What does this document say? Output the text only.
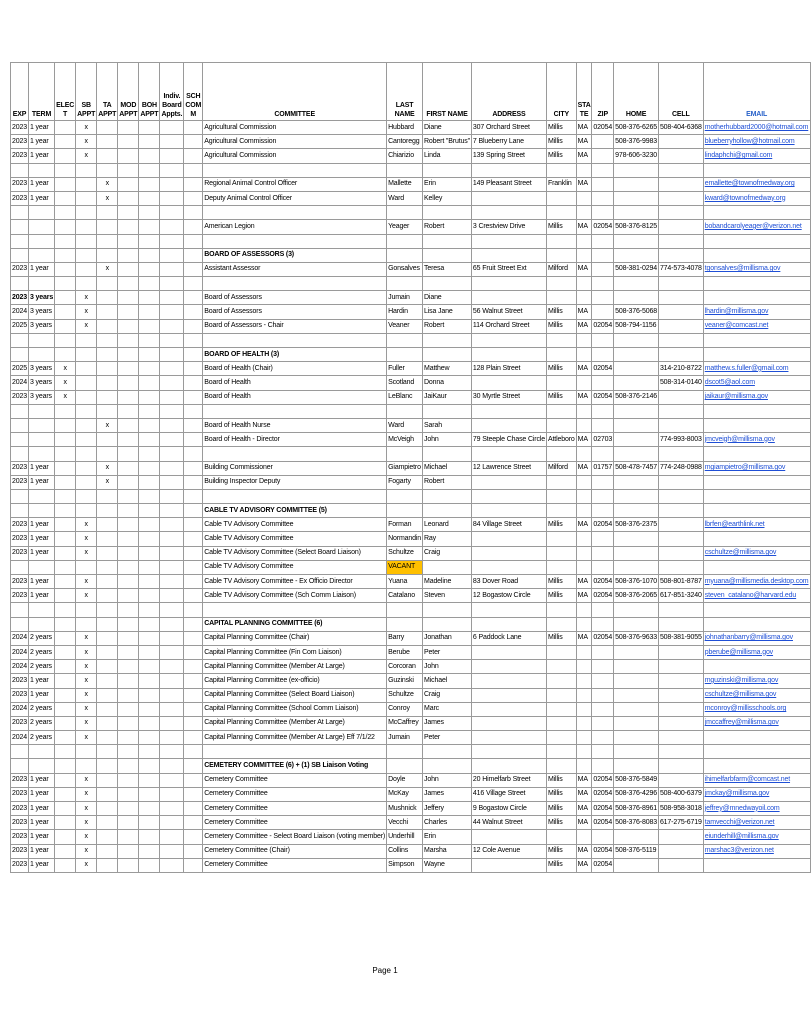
EXP	TERM	ELEC T	SB APPT	TA APPT	MOD APPT	BOH APPT	Indiv. Board Appts.	SCH COM M	COMMITTEE	LAST NAME	FIRST NAME	ADDRESS	CITY	STA TE	ZIP	HOME	CELL	EMAIL
2023	1 year		x						Agricultural Commission	Hubbard	Diane	307 Orchard Street	Millis	MA	02054	508-376-6265	508-404-6368	motherhubbard2000@hotmail.com
2023	1 year		x						Agricultural Commission	Cantoregg	Robert "Brutus"	7 Blueberry Lane	Millis	MA		508-376-9983		blueberryhollow@hotmail.com
2023	1 year		x						Agricultural Commission	Chiarizio	Linda	139 Spring Street	Millis	MA		978-606-3230		lindaphchi@gmail.com

2023	1 year			x					Regional Animal Control Officer	Mallette	Erin	149 Pleasant Street	Franklin	MA				emallette@townofmedway.org
2023	1 year			x					Deputy Animal Control Officer	Ward	Kelley							kward@townofmedway.org

									American Legion	Yeager	Robert	3 Crestview Drive	Millis	MA	02054	508-376-8125		bobandcarolyeager@verizon.net

									BOARD OF ASSESSORS (3)									
2023	1 year			x					Assistant Assessor	Gonsalves	Teresa	65 Fruit Street Ext	Milford	MA		508-381-0294	774-573-4078	tgonsalves@millisma.gov

2023	3 years		x						Board of Assessors	Jumain	Diane							
2024	3 years		x						Board of Assessors	Hardin	Lisa Jane	56 Walnut Street	Millis	MA		508-376-5068		lhardin@millisma.gov
2025	3 years		x						Board of Assessors - Chair	Veaner	Robert	114 Orchard Street	Millis	MA	02054	508-794-1156		veaner@comcast.net

									BOARD OF HEALTH (3)									
2025	3 years	x							Board of Health (Chair)	Fuller	Matthew	128 Plain Street	Millis	MA	02054		314-210-8722	matthew.s.fuller@gmail.com
2024	3 years	x							Board of Health	Scotland	Donna						508-314-0140	dscot5@aol.com
2023	3 years	x							Board of Health	LeBlanc	JaiKaur	30 Myrtle Street	Millis	MA	02054	508-376-2146		jaikaur@millisma.gov

				x					Board of Health Nurse	Ward	Sarah							
									Board of Health - Director	McVeigh	John	79 Steeple Chase Circle	Attleboro	MA	02703		774-993-8003	jmcveigh@millisma.gov

2023	1 year			x					Building Commissioner	Giampietro	Michael	12 Lawrence Street	Milford	MA	01757	508-478-7457	774-248-0988	mgiampietro@millisma.gov
2023	1 year			x					Building Inspector Deputy	Fogarty	Robert							

									CABLE TV ADVISORY COMMITTEE (5)									
2023	1 year		x						Cable TV Advisory Committee	Forman	Leonard	84 Village Street	Millis	MA	02054	508-376-2375		lbrfen@earthlink.net
2023	1 year		x						Cable TV Advisory Committee	Normandin	Ray							
2023	1 year		x						Cable TV Advisory Committee (Select Board Liaison)	Schultze	Craig							cschultze@millisma.gov
									Cable TV Advisory Committee	VACANT								
2023	1 year		x						Cable TV Advisory Committee - Ex Officio Director	Yuana	Madeline	83 Dover Road	Millis	MA	02054	508-376-1070	508-801-8787	myuana@millismedia.desktop.com
2023	1 year		x						Cable TV Advisory Committee (Sch Comm Liaison)	Catalano	Steven	12 Bogastow Circle	Millis	MA	02054	508-376-2065	617-851-3240	steven_catalano@harvard.edu

									CAPITAL PLANNING COMMITTEE (6)									
2024	2 years		x						Capital Planning Committee (Chair)	Barry	Jonathan	6 Paddock Lane	Millis	MA	02054	508-376-9633	508-381-9055	johnathanbarry@millisma.gov
2024	2 years		x						Capital Planning Committee (Fin Com Liaison)	Berube	Peter							pberube@millisma.gov
2024	2 years		x						Capital Planning Committee (Member At Large)	Corcoran	John							
2023	1 year		x						Capital Planning Committee (ex-officio)	Guzinski	Michael							mguzinski@millisma.gov
2023	1 year		x						Capital Planning Committee (Select Board Liaison)	Schultze	Craig							cschultze@millisma.gov
2024	2 years		x						Capital Planning Committee (School Comm Liaison)	Conroy	Marc							mconroy@millisschools.org
2023	2 years		x						Capital Planning Committee (Member At Large)	McCaffrey	James							jmccaffrey@millisma.gov
2024	2 years		x						Capital Planning Committee (Member At Large) Eff 7/1/22	Jumain	Peter							

									CEMETERY COMMITTEE (6) + (1) SB Liaison Voting									
2023	1 year		x						Cemetery Committee	Doyle	John	20 Himelfarb Street	Millis	MA	02054	508-376-5849		ihimelfarbfarm@comcast.net
2023	1 year		x						Cemetery Committee	McKay	James	416 Village Street	Millis	MA	02054	508-376-4296	508-400-6379	jmckay@millisma.gov
2023	1 year		x						Cemetery Committee	Mushnick	Jeffery	9 Bogastow Circle	Millis	MA	02054	508-376-8961	508-958-3018	jeffrey@mnedwayoil.com
2023	1 year		x						Cemetery Committee	Vecchi	Charles	44 Walnut Street	Millis	MA	02054	508-376-8083	617-275-6719	tamvecchi@verizon.net
2023	1 year		x						Cemetery Committee - Select Board Liaison (voting member)	Underhill	Erin							eiunderhill@millisma.gov
2023	1 year		x						Cemetery Committee (Chair)	Collins	Marsha	12 Cole Avenue	Millis	MA	02054	508-376-5119		marshac3@verizon.net
2023	1 year		x						Cemetery Committee	Simpson	Wayne		Millis	MA	02054			
Page 1
